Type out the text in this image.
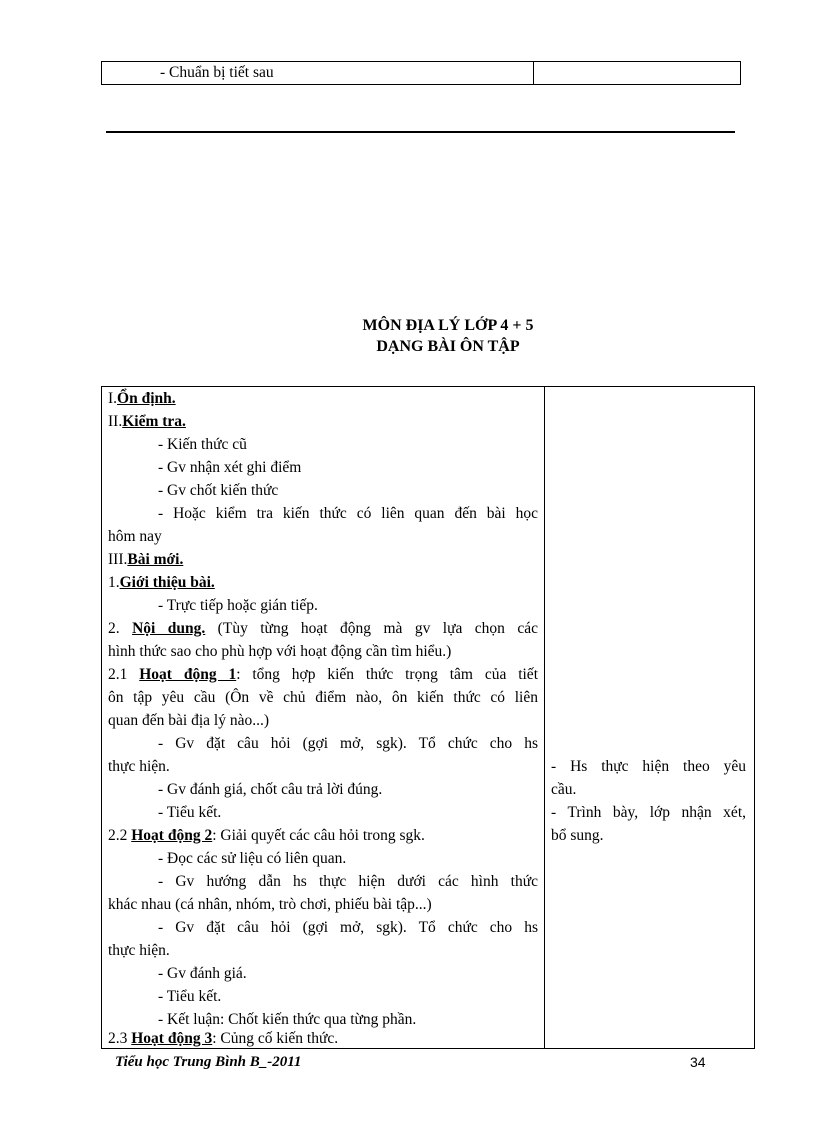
- Chuẩn bị tiết sau
MÔN ĐỊA LÝ LỚP 4 + 5
DẠNG BÀI ÔN TẬP
I.Ổn định.
II.Kiểm tra.
- Kiến thức cũ
- Gv nhận xét ghi điểm
- Gv chốt kiến thức
- Hoặc kiểm tra kiến thức có liên quan đến bài học
hôm nay
III.Bài mới.
1.Giới thiệu bài.
- Trực tiếp hoặc gián tiếp.
2. Nội dung. (Tùy từng hoạt động mà gv lựa chọn các
hình thức sao cho phù hợp với hoạt động cần tìm hiểu.)
2.1 Hoạt động 1: tổng hợp kiến thức trọng tâm của tiết
ôn tập yêu cầu (Ôn về chủ điểm nào, ôn kiến thức có liên
quan đến bài địa lý nào...)
- Gv đặt câu hỏi (gợi mở, sgk). Tổ chức cho hs
thực hiện.
- Gv đánh giá, chốt câu trả lời đúng.
- Tiểu kết.
2.2 Hoạt động 2: Giải quyết các câu hỏi trong sgk.
- Đọc các sử liệu có liên quan.
- Gv hướng dẫn hs thực hiện dưới các hình thức
khác nhau (cá nhân, nhóm, trò chơi, phiếu bài tập...)
- Gv đặt câu hỏi (gợi mở, sgk). Tổ chức cho hs
thực hiện.
- Gv đánh giá.
- Tiểu kết.
- Kết luận: Chốt kiến thức qua từng phần.
2.3 Hoạt động 3: Củng cố kiến thức.
- Hs thực hiện theo yêu
cầu.
- Trình bày, lớp nhận xét,
bổ sung.
Tiểu học Trung Bình B_-2011	34
